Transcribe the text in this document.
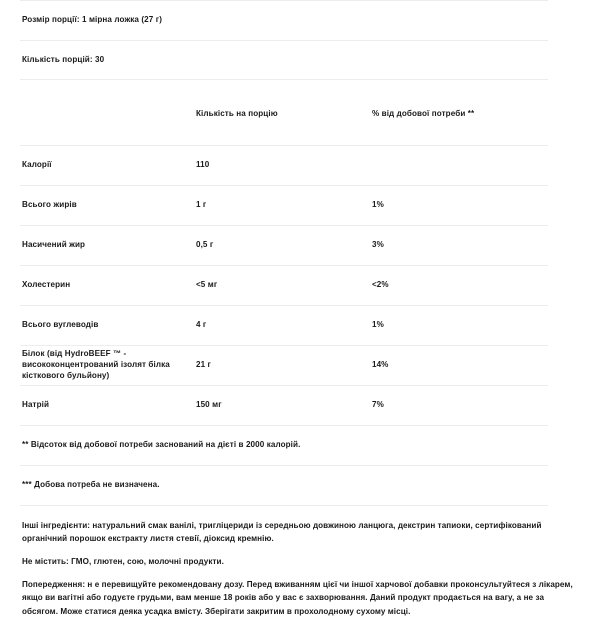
Розмір порції: 1 мірна ложка (27 г)		
Кількість порцій: 30		
	Кількість на порцію	% від добової потреби **
Калорії	110	
Всього жирів	1 г	1%
Насичений жир	0,5 г	3%
Холестерин	<5 мг	<2%
Всього вуглеводів	4 г	1%
Білок (від HydroBEEF ™ - висококонцентрований ізолят білка кісткового бульйону)	21 г	14%
Натрій	150 мг	7%
** Відсоток від добової потреби заснований на дієті в 2000 калорій.		
*** Добова потреба не визначена.		

Інші інгредієнти: натуральний смак ванілі, тригліцериди із середньою довжиною ланцюга, декстрин тапиоки, сертифікований органічний порошок екстракту листя стевії, діоксид кремнію.

Не містить: ГМО, глютен, сою, молочні продукти.

Попередження: н е перевищуйте рекомендовану дозу. Перед вживанням цієї чи іншої харчової добавки проконсультуйтеся з лікарем, якщо ви вагітні або годуєте грудьми, вам менше 18 років або у вас є захворювання. Даний продукт продається на вагу, а не за обсягом. Може статися деяка усадка вмісту. Зберігати закритим в прохолодному сухому місці.
